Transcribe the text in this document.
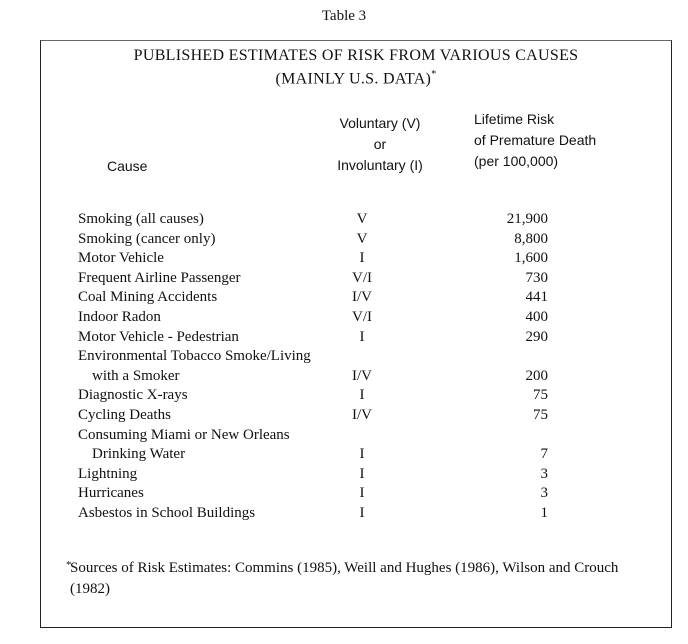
Table 3
PUBLISHED ESTIMATES OF RISK FROM VARIOUS CAUSES
(MAINLY U.S. DATA)*
Cause
Voluntary (V)
or
Involuntary (I)
Lifetime Risk
of Premature Death
(per 100,000)
Smoking (all causes)	V	21,900
Smoking (cancer only)	V	8,800
Motor Vehicle	I	1,600
Frequent Airline Passenger	V/I	730
Coal Mining Accidents	I/V	441
Indoor Radon	V/I	400
Motor Vehicle - Pedestrian	I	290
Environmental Tobacco Smoke/Living
with a Smoker	I/V	200
Diagnostic X-rays	I	75
Cycling Deaths	I/V	75
Consuming Miami or New Orleans
Drinking Water	I	7
Lightning	I	3
Hurricanes	I	3
Asbestos in School Buildings	I	1
*
Sources of Risk Estimates: Commins (1985), Weill and Hughes (1986), Wilson and Crouch (1982)
